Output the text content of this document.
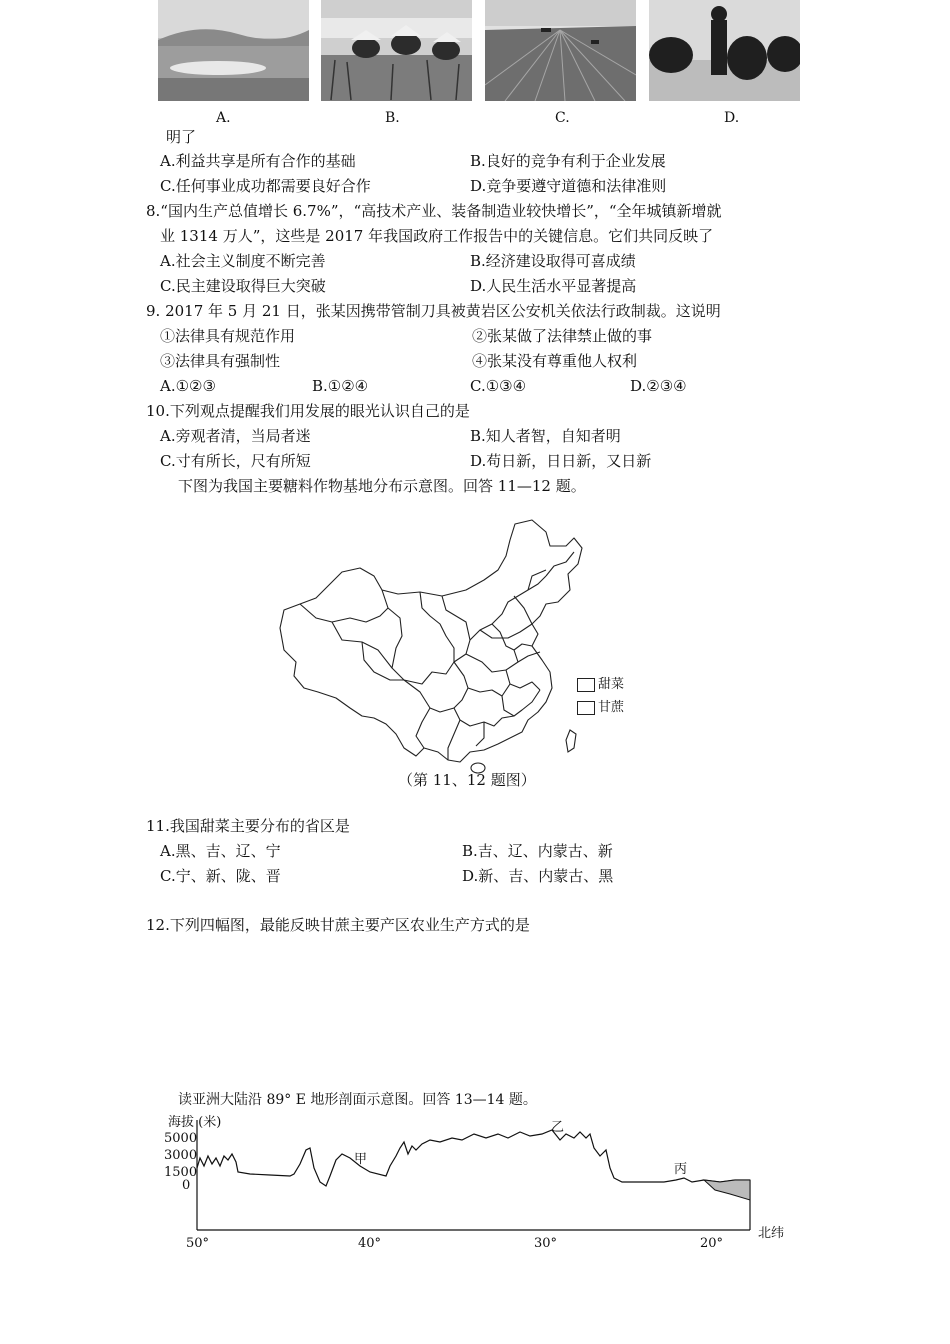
A.	B.	C.	D.
明了
A.利益共享是所有合作的基础	B.良好的竞争有利于企业发展
C.任何事业成功都需要良好合作	D.竞争要遵守道德和法律准则
8.“国内生产总值增长 6.7%”，“高技术产业、装备制造业较快增长”，“全年城镇新增就
业 1314 万人”，这些是 2017 年我国政府工作报告中的关键信息。它们共同反映了
A.社会主义制度不断完善	B.经济建设取得可喜成绩
C.民主建设取得巨大突破	D.人民生活水平显著提高
9. 2017 年 5 月 21 日，张某因携带管制刀具被黄岩区公安机关依法行政制裁。这说明
①法律具有规范作用	②张某做了法律禁止做的事
③法律具有强制性	④张某没有尊重他人权利
A.①②③	B.①②④	C.①③④	D.②③④
10.下列观点提醒我们用发展的眼光认识自己的是
A.旁观者清，当局者迷	B.知人者智，自知者明
C.寸有所长，尺有所短	D.苟日新，日日新，又日新
下图为我国主要糖料作物基地分布示意图。回答 11—12 题。
甜菜
甘蔗
（第 11、12 题图）
11.我国甜菜主要分布的省区是
A.黑、吉、辽、宁	B.吉、辽、内蒙古、新
C.宁、新、陇、晋	D.新、吉、内蒙古、黑
12.下列四幅图，最能反映甘蔗主要产区农业生产方式的是
读亚洲大陆沿 89° E 地形剖面示意图。回答 13—14 题。
海拔 (米)
5000
3000
1500
0
甲
乙
丙
50°	40°	30°	20°
北纬
